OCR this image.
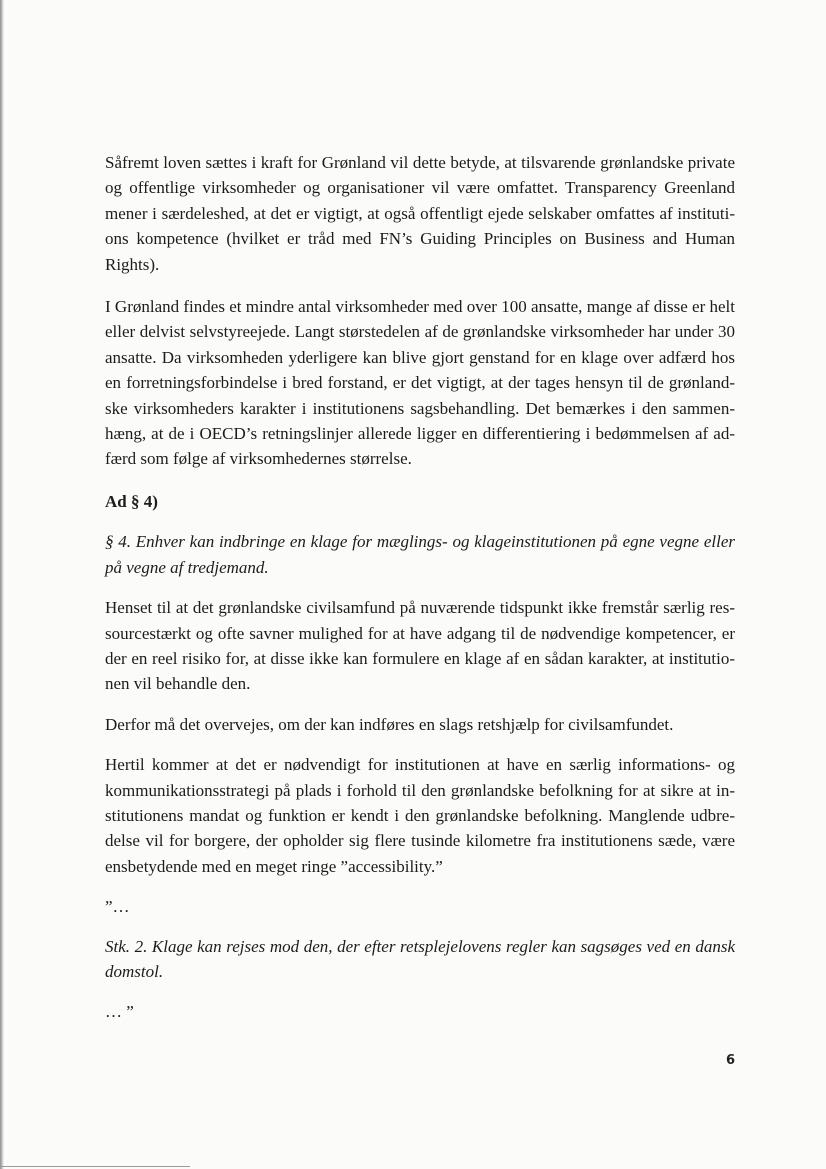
Såfremt loven sættes i kraft for Grønland vil dette betyde, at tilsvarende grønlandske private og offentlige virksomheder og organisationer vil være omfattet. Transparency Greenland mener i særdeleshed, at det er vigtigt, at også offentligt ejede selskaber omfattes af instituti-ons kompetence (hvilket er tråd med FN’s Guiding Principles on Business and Human Rights).

I Grønland findes et mindre antal virksomheder med over 100 ansatte, mange af disse er helt eller delvist selvstyreejede. Langt størstedelen af de grønlandske virksomheder har under 30 ansatte. Da virksomheden yderligere kan blive gjort genstand for en klage over adfærd hos en forretningsforbindelse i bred forstand, er det vigtigt, at der tages hensyn til de grønland-ske virksomheders karakter i institutionens sagsbehandling. Det bemærkes i den sammen-hæng, at de i OECD’s retningslinjer allerede ligger en differentiering i bedømmelsen af ad-færd som følge af virksomhedernes størrelse.

Ad § 4)

§ 4. Enhver kan indbringe en klage for mæglings- og klageinstitutionen på egne vegne eller på vegne af tredjemand.

Henset til at det grønlandske civilsamfund på nuværende tidspunkt ikke fremstår særlig res-sourcestærkt og ofte savner mulighed for at have adgang til de nødvendige kompetencer, er der en reel risiko for, at disse ikke kan formulere en klage af en sådan karakter, at institutio-nen vil behandle den.

Derfor må det overvejes, om der kan indføres en slags retshjælp for civilsamfundet.

Hertil kommer at det er nødvendigt for institutionen at have en særlig informations- og kommunikationsstrategi på plads i forhold til den grønlandske befolkning for at sikre at in-stitutionens mandat og funktion er kendt i den grønlandske befolkning. Manglende udbre-delse vil for borgere, der opholder sig flere tusinde kilometre fra institutionens sæde, være ensbetydende med en meget ringe ”accessibility.”

”…

Stk. 2. Klage kan rejses mod den, der efter retsplejelovens regler kan sagsøges ved en dansk domstol.

… ”

6
